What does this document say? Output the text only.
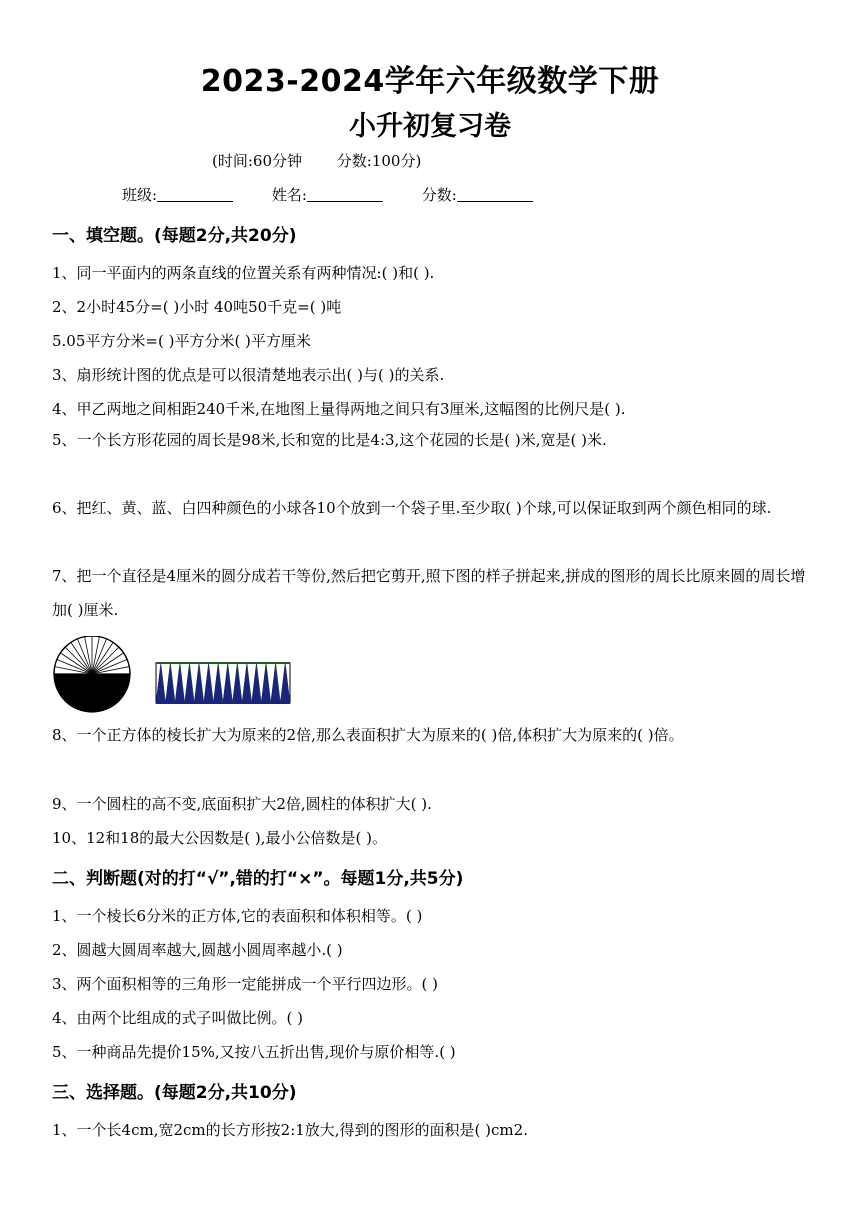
2023-2024学年六年级数学下册
小升初复习卷
(时间:60分钟 分数:100分)
班级:	姓名:	分数:
一、填空题。(每题2分,共20分)
1、同一平面内的两条直线的位置关系有两种情况:( )和( ).
2、2小时45分=( )小时 40吨50千克=( )吨
5.05平方分米=( )平方分米( )平方厘米
3、扇形统计图的优点是可以很清楚地表示出( )与( )的关系.
4、甲乙两地之间相距240千米,在地图上量得两地之间只有3厘米,这幅图的比例尺是( ).
5、一个长方形花园的周长是98米,长和宽的比是4:3,这个花园的长是( )米,宽是( )米.
6、把红、黄、蓝、白四种颜色的小球各10个放到一个袋子里.至少取( )个球,可以保证取到两个颜色相同的球.
7、把一个直径是4厘米的圆分成若干等份,然后把它剪开,照下图的样子拼起来,拼成的图形的周长比原来圆的周长增加( )厘米.
8、一个正方体的棱长扩大为原来的2倍,那么表面积扩大为原来的( )倍,体积扩大为原来的( )倍。
9、一个圆柱的高不变,底面积扩大2倍,圆柱的体积扩大( ).
10、12和18的最大公因数是( ),最小公倍数是( )。
二、判断题(对的打“√”,错的打“×”。每题1分,共5分)
1、一个棱长6分米的正方体,它的表面积和体积相等。( )
2、圆越大圆周率越大,圆越小圆周率越小.( )
3、两个面积相等的三角形一定能拼成一个平行四边形。( )
4、由两个比组成的式子叫做比例。( )
5、一种商品先提价15%,又按八五折出售,现价与原价相等.( )
三、选择题。(每题2分,共10分)
1、一个长4cm,宽2cm的长方形按2:1放大,得到的图形的面积是( )cm2.
